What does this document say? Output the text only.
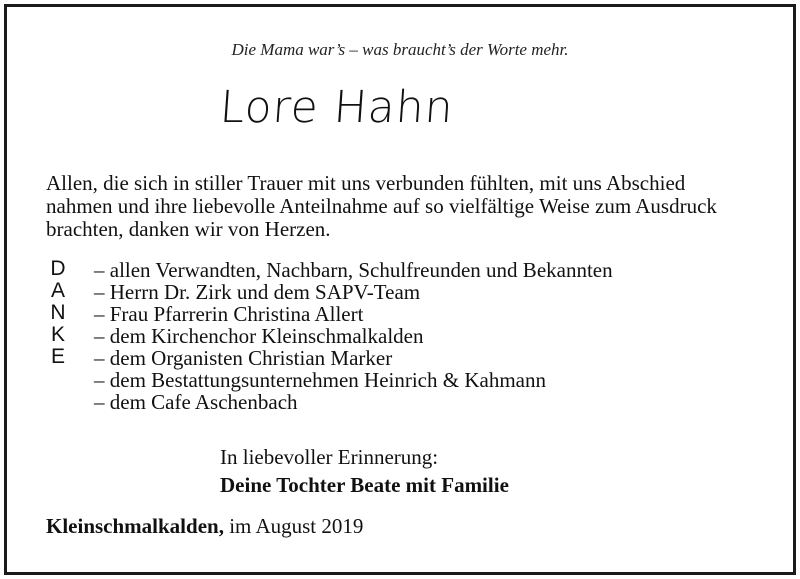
Die Mama war’s – was braucht’s der Worte mehr.
Lore Hahn
Allen, die sich in stiller Trauer mit uns verbunden fühlten, mit uns Abschied
nahmen und ihre liebevolle Anteilnahme auf so vielfältige Weise zum Ausdruck
brachten, danken wir von Herzen.
D
A
N
K
E
– allen Verwandten, Nachbarn, Schulfreunden und Bekannten
– Herrn Dr. Zirk und dem SAPV-Team
– Frau Pfarrerin Christina Allert
– dem Kirchenchor Kleinschmalkalden
– dem Organisten Christian Marker
– dem Bestattungsunternehmen Heinrich & Kahmann
– dem Cafe Aschenbach
In liebevoller Erinnerung:
Deine Tochter Beate mit Familie
Kleinschmalkalden, im August 2019
